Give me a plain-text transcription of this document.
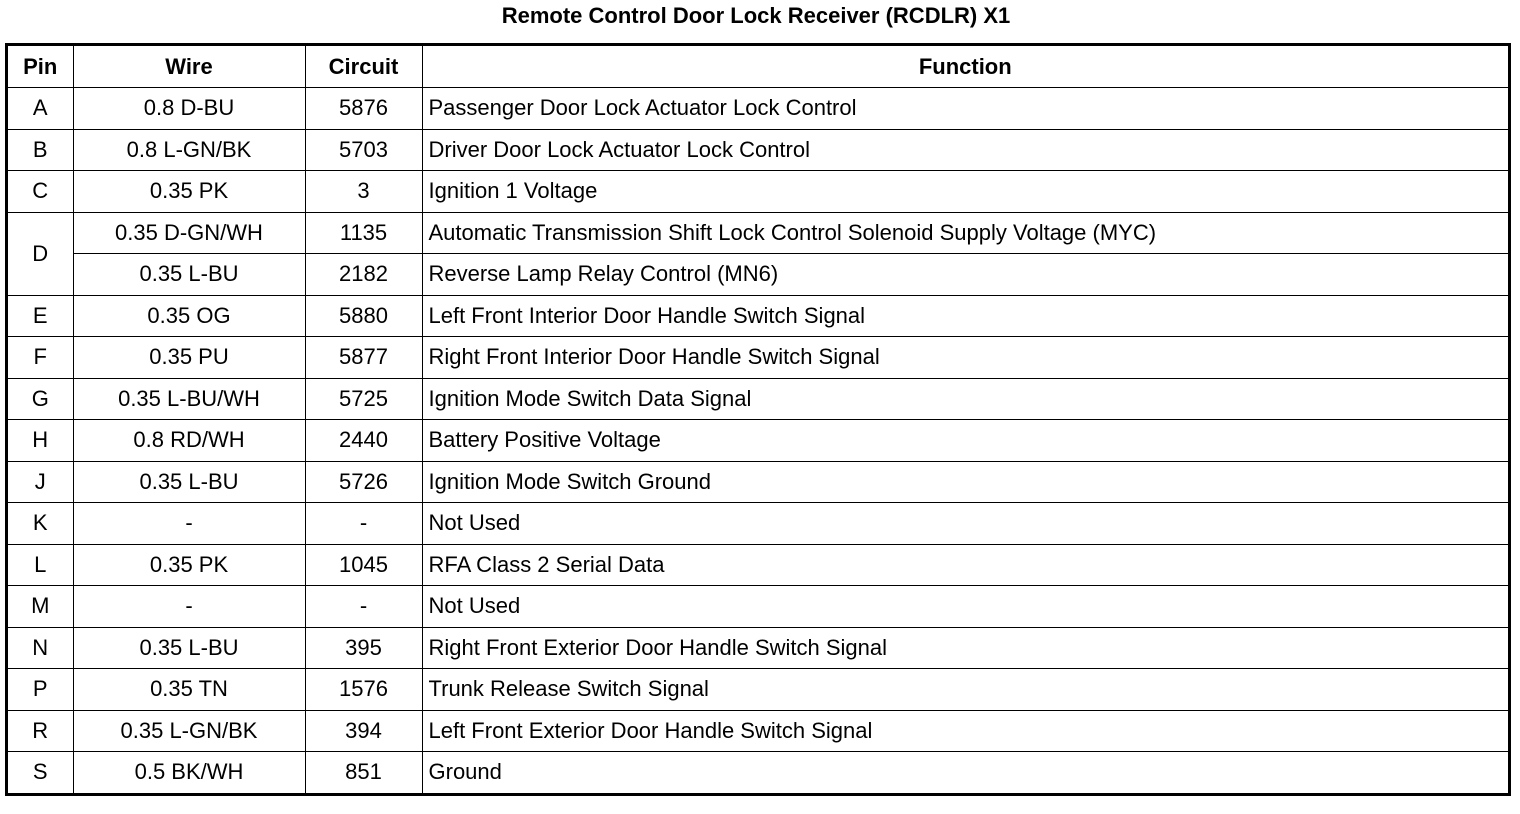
Remote Control Door Lock Receiver (RCDLR) X1
Pin	Wire	Circuit	Function
A	0.8 D-BU	5876	Passenger Door Lock Actuator Lock Control
B	0.8 L-GN/BK	5703	Driver Door Lock Actuator Lock Control
C	0.35 PK	3	Ignition 1 Voltage
D	0.35 D-GN/WH	1135	Automatic Transmission Shift Lock Control Solenoid Supply Voltage (MYC)
	0.35 L-BU	2182	Reverse Lamp Relay Control (MN6)
E	0.35 OG	5880	Left Front Interior Door Handle Switch Signal
F	0.35 PU	5877	Right Front Interior Door Handle Switch Signal
G	0.35 L-BU/WH	5725	Ignition Mode Switch Data Signal
H	0.8 RD/WH	2440	Battery Positive Voltage
J	0.35 L-BU	5726	Ignition Mode Switch Ground
K	-	-	Not Used
L	0.35 PK	1045	RFA Class 2 Serial Data
M	-	-	Not Used
N	0.35 L-BU	395	Right Front Exterior Door Handle Switch Signal
P	0.35 TN	1576	Trunk Release Switch Signal
R	0.35 L-GN/BK	394	Left Front Exterior Door Handle Switch Signal
S	0.5 BK/WH	851	Ground
